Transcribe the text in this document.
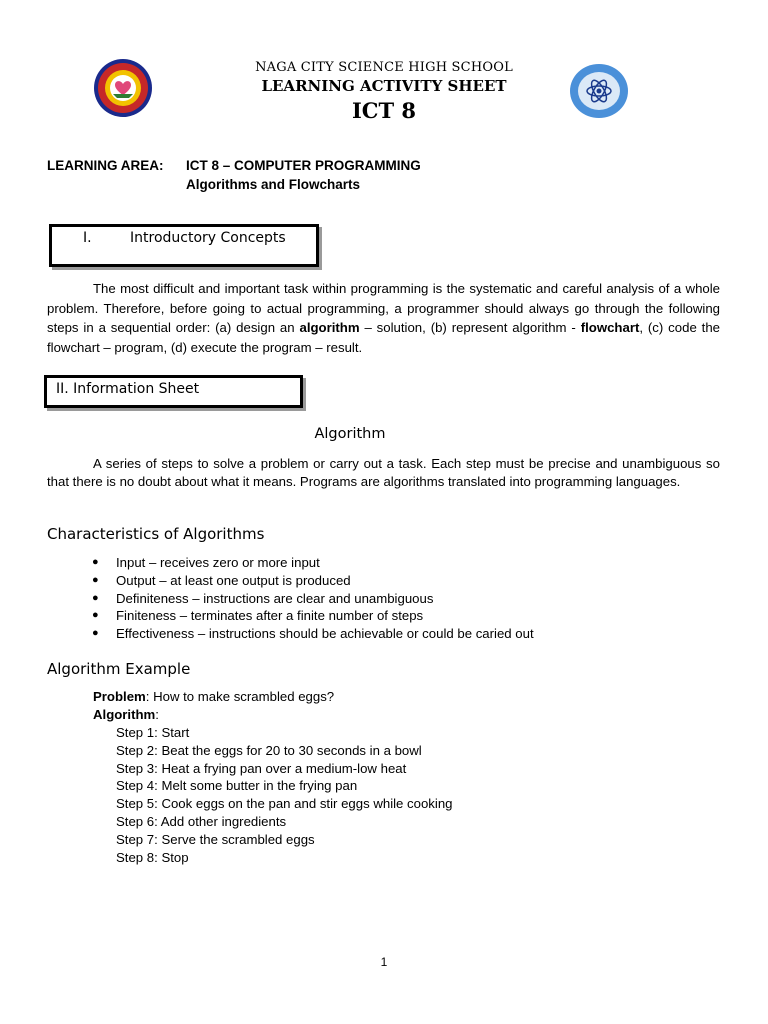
NAGA CITY SCIENCE HIGH SCHOOL
LEARNING ACTIVITY SHEET
ICT 8
LEARNING AREA: ICT 8 – COMPUTER PROGRAMMING
Algorithms and Flowcharts
I.	Introductory Concepts
The most difficult and important task within programming is the systematic and careful analysis of a whole problem. Therefore, before going to actual programming, a programmer should always go through the following steps in a sequential order: (a) design an algorithm – solution, (b) represent algorithm - flowchart, (c) code the flowchart – program, (d) execute the program – result.
II. Information Sheet
Algorithm
A series of steps to solve a problem or carry out a task. Each step must be precise and unambiguous so that there is no doubt about what it means. Programs are algorithms translated into programming languages.
Characteristics of Algorithms
● Input – receives zero or more input
● Output – at least one output is produced
● Definiteness – instructions are clear and unambiguous
● Finiteness – terminates after a finite number of steps
● Effectiveness – instructions should be achievable or could be caried out
Algorithm Example
Problem: How to make scrambled eggs?
Algorithm:
Step 1: Start
Step 2: Beat the eggs for 20 to 30 seconds in a bowl
Step 3: Heat a frying pan over a medium-low heat
Step 4: Melt some butter in the frying pan
Step 5: Cook eggs on the pan and stir eggs while cooking
Step 6: Add other ingredients
Step 7: Serve the scrambled eggs
Step 8: Stop
1
